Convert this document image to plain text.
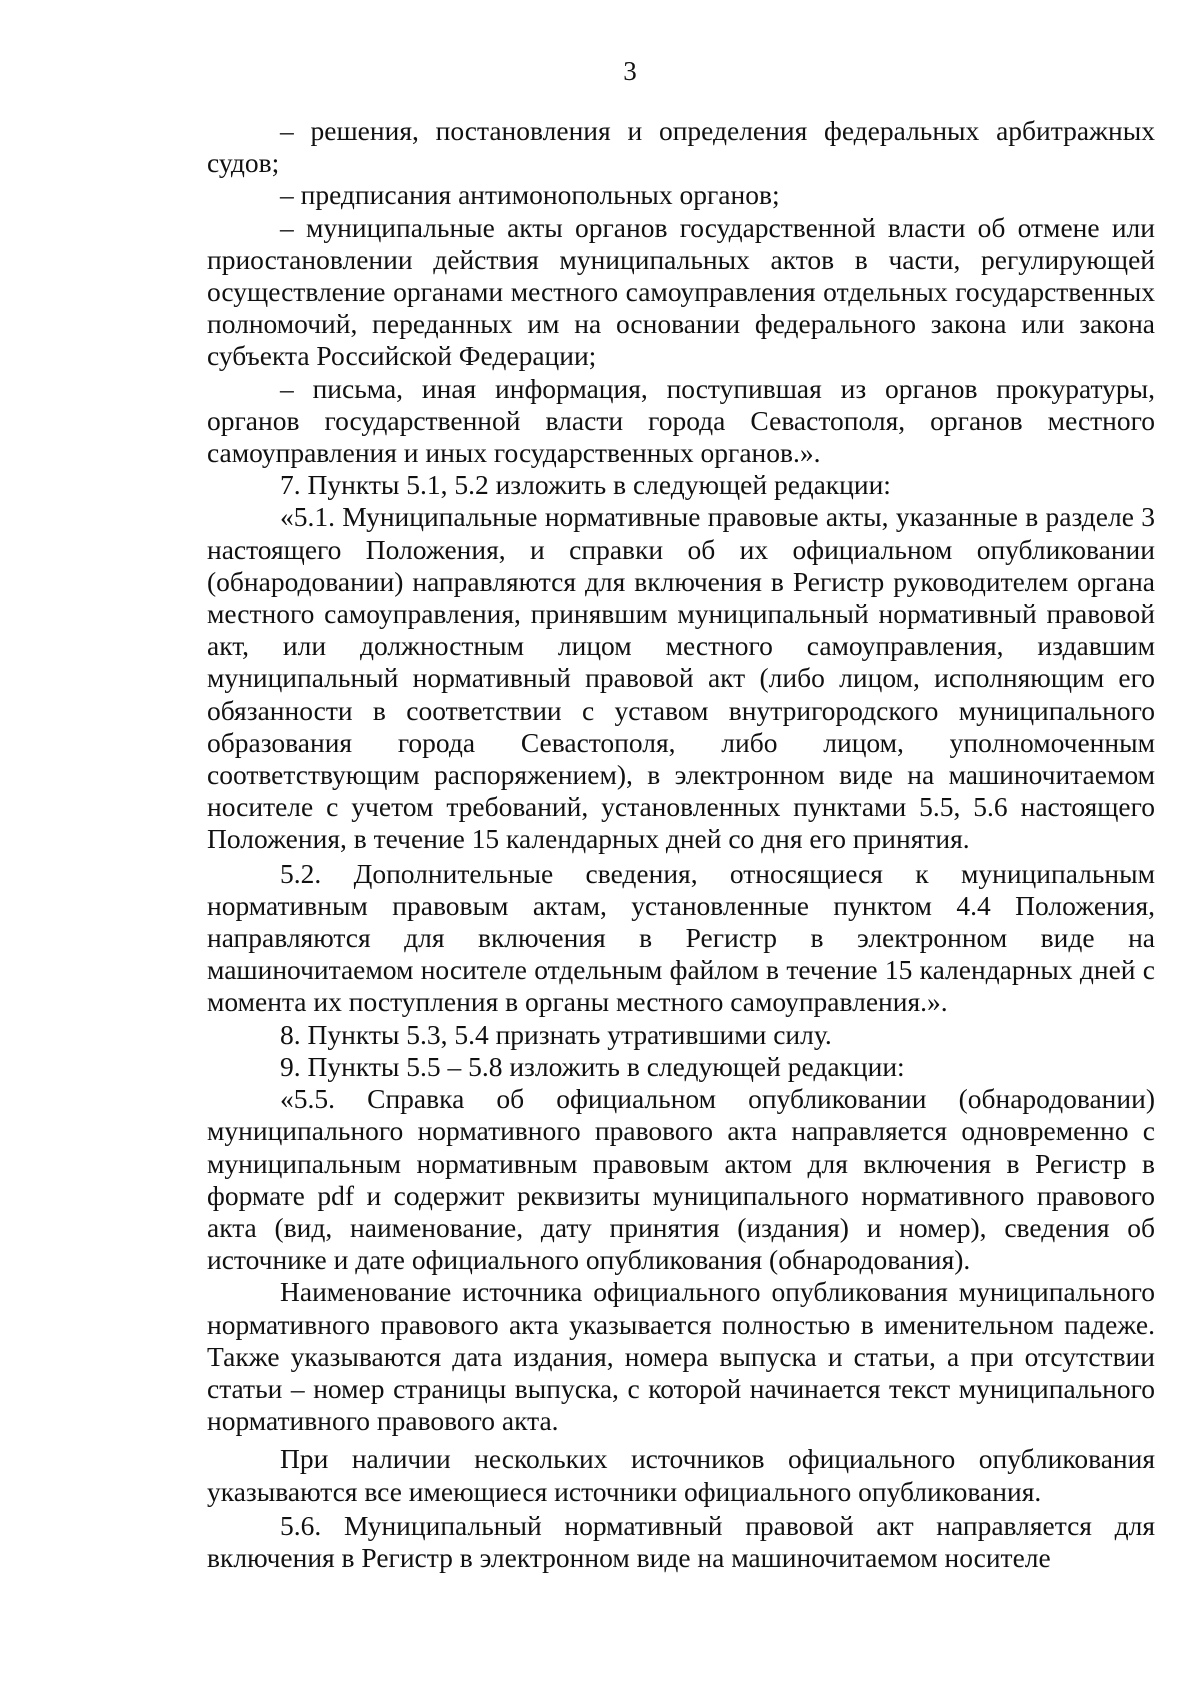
3

– решения, постановления и определения федеральных арбитражных судов;

– предписания антимонопольных органов;

– муниципальные акты органов государственной власти об отмене или приостановлении действия муниципальных актов в части, регулирующей осуществление органами местного самоуправления отдельных государственных полномочий, переданных им на основании федерального закона или закона субъекта Российской Федерации;

– письма, иная информация, поступившая из органов прокуратуры, органов государственной власти города Севастополя, органов местного самоуправления и иных государственных органов.».

7. Пункты 5.1, 5.2 изложить в следующей редакции:

«5.1. Муниципальные нормативные правовые акты, указанные в разделе 3 настоящего Положения, и справки об их официальном опубликовании (обнародовании) направляются для включения в Регистр руководителем органа местного самоуправления, принявшим муниципальный нормативный правовой акт, или должностным лицом местного самоуправления, издавшим муниципальный нормативный правовой акт (либо лицом, исполняющим его обязанности в соответствии с уставом внутригородского муниципального образования города Севастополя, либо лицом, уполномоченным соответствующим распоряжением), в электронном виде на машиночитаемом носителе с учетом требований, установленных пунктами 5.5, 5.6 настоящего Положения, в течение 15 календарных дней со дня его принятия.

5.2. Дополнительные сведения, относящиеся к муниципальным нормативным правовым актам, установленные пунктом 4.4 Положения, направляются для включения в Регистр в электронном виде на машиночитаемом носителе отдельным файлом в течение 15 календарных дней с момента их поступления в органы местного самоуправления.».

8. Пункты 5.3, 5.4 признать утратившими силу.

9. Пункты 5.5 – 5.8 изложить в следующей редакции:

«5.5. Справка об официальном опубликовании (обнародовании) муниципального нормативного правового акта направляется одновременно с муниципальным нормативным правовым актом для включения в Регистр в формате pdf и содержит реквизиты муниципального нормативного правового акта (вид, наименование, дату принятия (издания) и номер), сведения об источнике и дате официального опубликования (обнародования).

Наименование источника официального опубликования муниципального нормативного правового акта указывается полностью в именительном падеже. Также указываются дата издания, номера выпуска и статьи, а при отсутствии статьи – номер страницы выпуска, с которой начинается текст муниципального нормативного правового акта.

При наличии нескольких источников официального опубликования указываются все имеющиеся источники официального опубликования.

5.6. Муниципальный нормативный правовой акт направляется для включения в Регистр в электронном виде на машиночитаемом носителе
